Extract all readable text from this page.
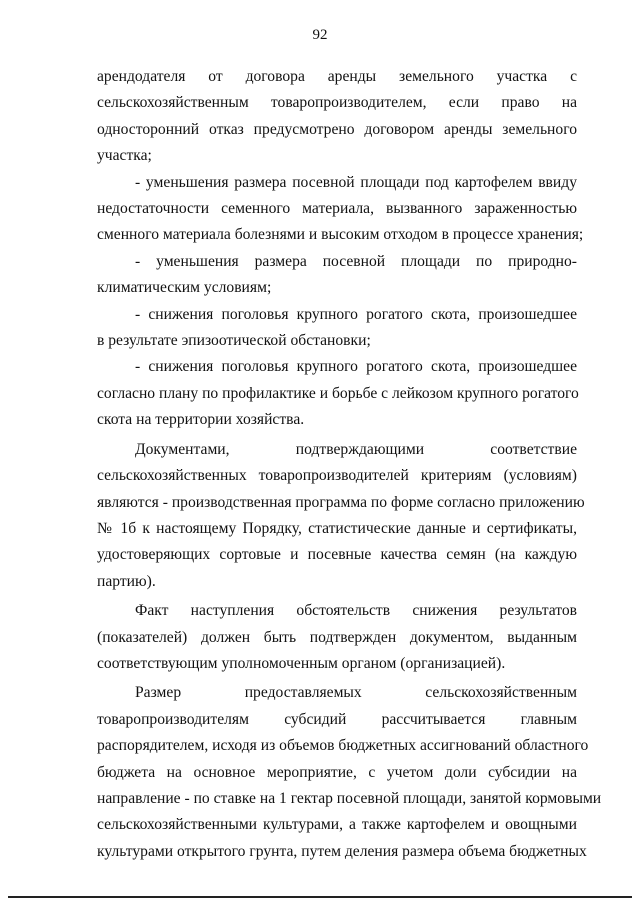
92
арендодателя от договора аренды земельного участка с
сельскохозяйственным товаропроизводителем, если право на
односторонний отказ предусмотрено договором аренды земельного
участка;
- уменьшения размера посевной площади под картофелем ввиду
недостаточности семенного материала, вызванного зараженностью
сменного материала болезнями и высоким отходом в процессе хранения;
- уменьшения размера посевной площади по природно-
климатическим условиям;
- снижения поголовья крупного рогатого скота, произошедшее
в результате эпизоотической обстановки;
- снижения поголовья крупного рогатого скота, произошедшее
согласно плану по профилактике и борьбе с лейкозом крупного рогатого
скота на территории хозяйства.
Документами, подтверждающими соответствие
сельскохозяйственных товаропроизводителей критериям (условиям)
являются - производственная программа по форме согласно приложению
№ 1б к настоящему Порядку, статистические данные и сертификаты,
удостоверяющих сортовые и посевные качества семян (на каждую
партию).
Факт наступления обстоятельств снижения результатов
(показателей) должен быть подтвержден документом, выданным
соответствующим уполномоченным органом (организацией).
Размер предоставляемых сельскохозяйственным
товаропроизводителям субсидий рассчитывается главным
распорядителем, исходя из объемов бюджетных ассигнований областного
бюджета на основное мероприятие, с учетом доли субсидии на
направление - по ставке на 1 гектар посевной площади, занятой кормовыми
сельскохозяйственными культурами, а также картофелем и овощными
культурами открытого грунта, путем деления размера объема бюджетных
